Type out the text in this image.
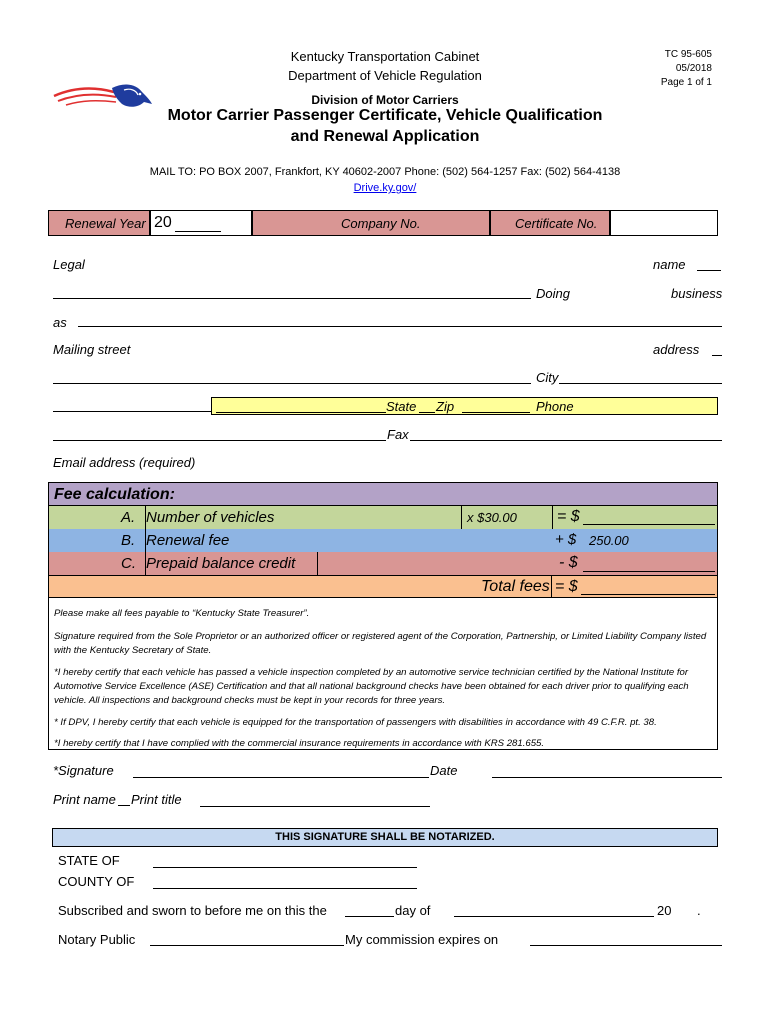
Kentucky Transportation Cabinet
Department of Vehicle Regulation
Division of Motor Carriers
TC 95-605
05/2018
Page 1 of 1
Motor Carrier Passenger Certificate, Vehicle Qualification
and Renewal Application
MAIL TO: PO BOX 2007, Frankfort, KY 40602-2007 Phone: (502) 564-1257 Fax: (502) 564-4138
Drive.ky.gov/
Renewal Year 20	Company No.	Certificate No.
Legal	name
Doing	business
as
Mailing street	address
City
State Zip	Phone
Fax
Email address (required)
Fee calculation:
A. Number of vehicles	x $30.00	= $
B. Renewal fee	+ $ 250.00
C. Prepaid balance credit	- $
Total fees = $
Please make all fees payable to “Kentucky State Treasurer”.
Signature required from the Sole Proprietor or an authorized officer or registered agent of the Corporation, Partnership, or Limited Liability Company listed with the Kentucky Secretary of State.
*I hereby certify that each vehicle has passed a vehicle inspection completed by an automotive service technician certified by the National Institute for Automotive Service Excellence (ASE) Certification and that all national background checks have been obtained for each driver prior to qualifying each vehicle. All inspections and background checks must be kept in your records for three years.
* If DPV, I hereby certify that each vehicle is equipped for the transportation of passengers with disabilities in accordance with 49 C.F.R. pt. 38.
*I hereby certify that I have complied with the commercial insurance requirements in accordance with KRS 281.655.
*Signature	Date
Print name Print title
THIS SIGNATURE SHALL BE NOTARIZED.
STATE OF
COUNTY OF
Subscribed and sworn to before me on this the	day of	20 .
Notary Public	My commission expires on
